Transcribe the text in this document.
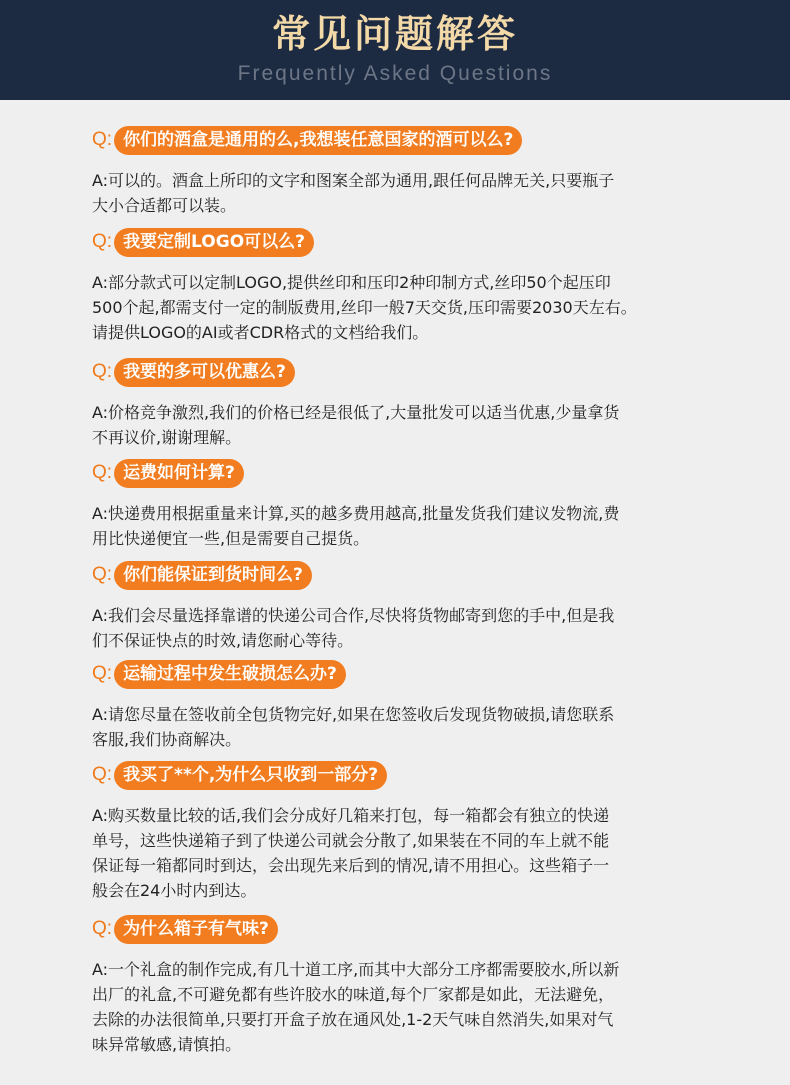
常见问题解答
Frequently Asked Questions
Q: 你们的酒盒是通用的么,我想装任意国家的酒可以么?
A:可以的。酒盒上所印的文字和图案全部为通用,跟任何品牌无关,只要瓶子
大小合适都可以装。
Q: 我要定制LOGO可以么?
A:部分款式可以定制LOGO,提供丝印和压印2种印制方式,丝印50个起压印
500个起,都需支付一定的制版费用,丝印一般7天交货,压印需要2030天左右。
请提供LOGO的AI或者CDR格式的文档给我们。
Q: 我要的多可以优惠么?
A:价格竞争激烈,我们的价格已经是很低了,大量批发可以适当优惠,少量拿货
不再议价,谢谢理解。
Q: 运费如何计算?
A:快递费用根据重量来计算,买的越多费用越高,批量发货我们建议发物流,费
用比快递便宜一些,但是需要自己提货。
Q: 你们能保证到货时间么?
A:我们会尽量选择靠谱的快递公司合作,尽快将货物邮寄到您的手中,但是我
们不保证快点的时效,请您耐心等待。
Q: 运输过程中发生破损怎么办?
A:请您尽量在签收前全包货物完好,如果在您签收后发现货物破损,请您联系
客服,我们协商解决。
Q: 我买了**个,为什么只收到一部分?
A:购买数量比较的话,我们会分成好几箱来打包，每一箱都会有独立的快递
单号，这些快递箱子到了快递公司就会分散了,如果装在不同的车上就不能
保证每一箱都同时到达，会出现先来后到的情况,请不用担心。这些箱子一
般会在24小时内到达。
Q: 为什么箱子有气味?
A:一个礼盒的制作完成,有几十道工序,而其中大部分工序都需要胶水,所以新
出厂的礼盒,不可避免都有些许胶水的味道,每个厂家都是如此，无法避免，
去除的办法很简单,只要打开盒子放在通风处,1-2天气味自然消失,如果对气
味异常敏感,请慎拍。
